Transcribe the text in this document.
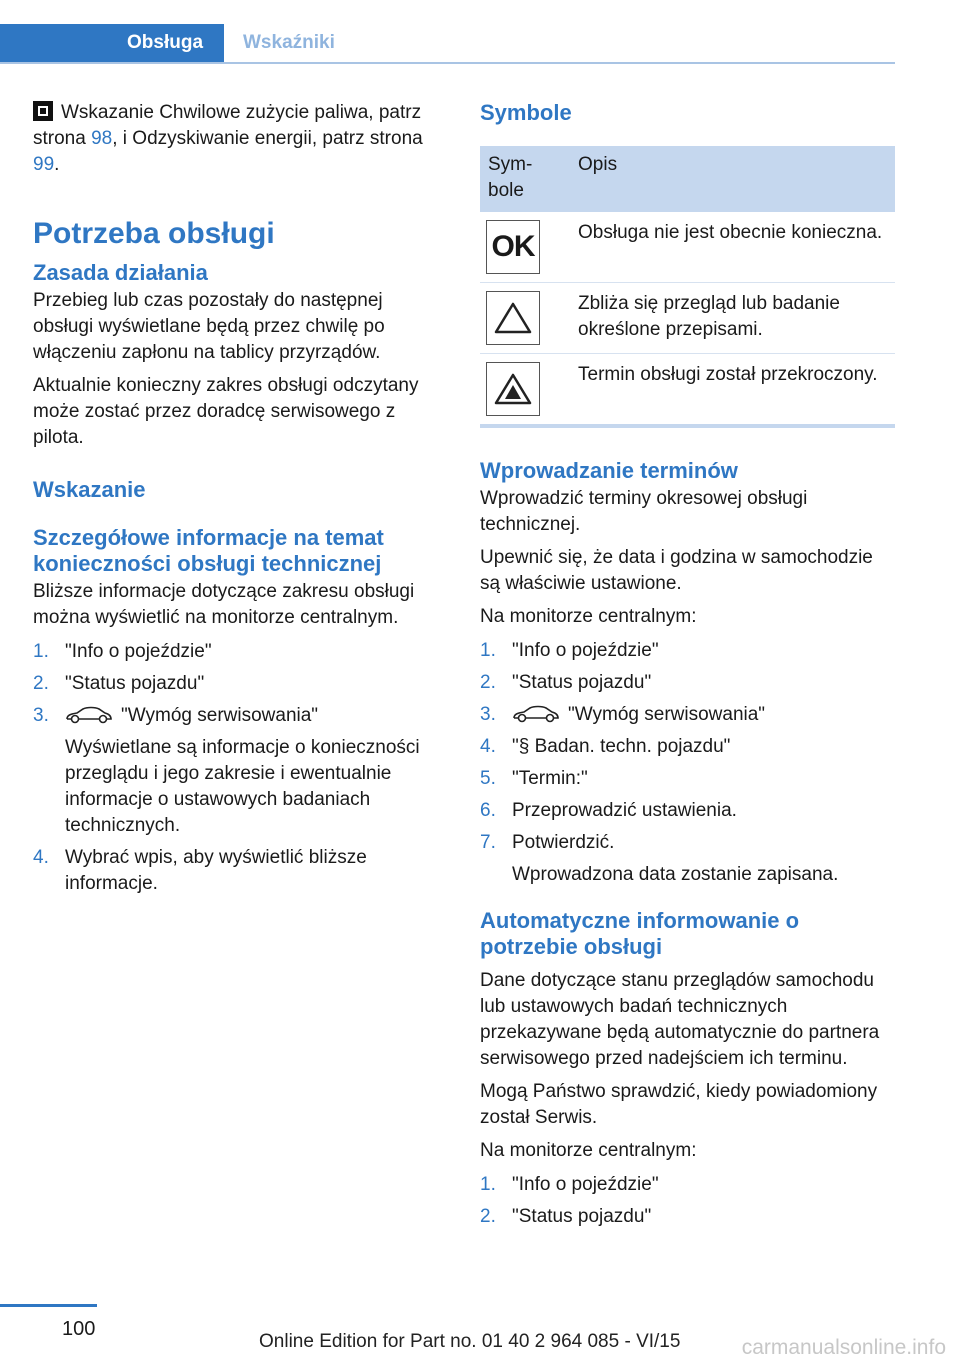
Obsługa	Wskaźniki

Wskazanie Chwilowe zużycie paliwa, patrz strona 98, i Odzyskiwanie energii, patrz strona 99.

Potrzeba obsługi
Zasada działania

Przebieg lub czas pozostały do następnej obsługi wyświetlane będą przez chwilę po włączeniu zapłonu na tablicy przyrządów.

Aktualnie konieczny zakres obsługi odczytany może zostać przez doradcę serwisowego z pilota.

Wskazanie
Szczegółowe informacje na temat konieczności obsługi technicznej

Bliższe informacje dotyczące zakresu obsługi można wyświetlić na monitorze centralnym.

1. "Info o pojeździe"
2. "Status pojazdu"
3.	"Wymóg serwisowania"
Wyświetlane są informacje o konieczności przeglądu i jego zakresie i ewentualnie informacje o ustawowych badaniach technicznych.
4. Wybrać wpis, aby wyświetlić bliższe informacje.
Symbole
Sym-
bole	Opis

OK	Obsługa nie jest obecnie konieczna.

	Zbliża się przegląd lub badanie określone przepisami.

	Termin obsługi został przekroczony.
Wprowadzanie terminów

Wprowadzić terminy okresowej obsługi technicznej.

Upewnić się, że data i godzina w samochodzie są właściwie ustawione.

Na monitorze centralnym:

1. "Info o pojeździe"
2. "Status pojazdu"
3.	"Wymóg serwisowania"
4. "§ Badan. techn. pojazdu"
5. "Termin:"
6. Przeprowadzić ustawienia.
7. Potwierdzić.
Wprowadzona data zostanie zapisana.
Automatyczne informowanie o potrzebie obsługi

Dane dotyczące stanu przeglądów samochodu lub ustawowych badań technicznych przekazywane będą automatycznie do partnera serwisowego przed nadejściem ich terminu.

Mogą Państwo sprawdzić, kiedy powiadomiony został Serwis.

Na monitorze centralnym:

1. "Info o pojeździe"
2. "Status pojazdu"
100
Online Edition for Part no. 01 40 2 964 085 - VI/15	carmanualsonline.info
